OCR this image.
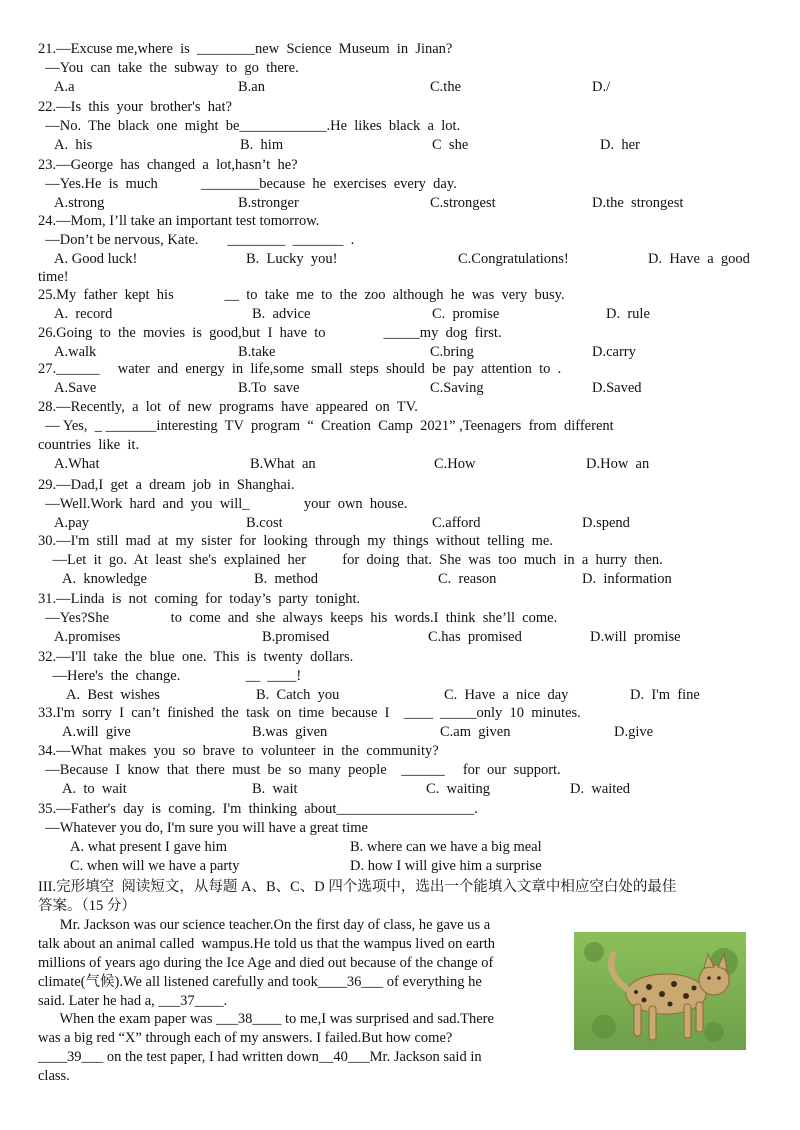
21.—Excuse me,where  is  ________new  Science  Museum  in  Jinan?
—You  can  take  the  subway  to  go  there.
A.a	B.an	C.the	D./
22.—Is  this  your  brother's  hat?
—No.  The  black  one  might  be____________.He  likes  black  a  lot.
A.  his	B.  him	C  she	D.  her
23.—George  has  changed  a  lot,hasn’t  he?
—Yes.He  is  much            ________because  he  exercises  every  day.
A.strong	B.stronger	C.strongest	D.the  strongest
24.—Mom, I’ll take an important test tomorrow.
—Don’t be nervous, Kate.        ________  _______  .
A. Good luck!	B.  Lucky  you!	C.Congratulations!	D.  Have  a  good
time!
25.My  father  kept  his              __  to  take  me  to  the  zoo  although  he  was  very  busy.
A.  record	B.  advice	C.  promise	D.  rule
26.Going  to  the  movies  is  good,but  I  have  to                _____my  dog  first.
A.walk	B.take	C.bring	D.carry
27.______     water  and  energy  in  life,some  small  steps  should  be  pay  attention  to  .
A.Save	B.To  save	C.Saving	D.Saved
28.—Recently,  a  lot  of  new  programs  have  appeared  on  TV.
— Yes,  _ _______interesting  TV  program  “  Creation  Camp  2021” ,Teenagers  from  different
countries  like  it.
A.What	B.What  an	C.How	D.How  an
29.—Dad,I  get  a  dream  job  in  Shanghai.
—Well.Work  hard  and  you  will_               your  own  house.
A.pay	B.cost	C.afford	D.spend
30.—I'm  still  mad  at  my  sister  for  looking  through  my  things  without  telling  me.
—Let  it  go.  At  least  she's  explained  her          for  doing  that.  She  was  too  much  in  a  hurry  then.
A.  knowledge	B.  method	C.  reason	D.  information
31.—Linda  is  not  coming  for  today’s  party  tonight.
—Yes?She                 to  come  and  she  always  keeps  his  words.I  think  she’ll  come.
A.promises	B.promised	C.has  promised	D.will  promise
32.—I'll  take  the  blue  one.  This  is  twenty  dollars.
—Here's  the  change.                  __  ____!
A.  Best  wishes	B.  Catch  you	C.  Have  a  nice  day	D.  I'm  fine
33.I'm  sorry  I  can’t  finished  the  task  on  time  because  I    ____  _____only  10  minutes.
A.will  give	B.was  given	C.am  given	D.give
34.—What  makes  you  so  brave  to  volunteer  in  the  community?
—Because  I  know  that  there  must  be  so  many  people    ______     for  our  support.
A.  to  wait	B.  wait	C.  waiting	D.  waited
35.—Father's  day  is  coming.  I'm  thinking  about___________________.
—Whatever you do, I'm sure you will have a great time
A. what present I gave him	B. where can we have a big meal
C. when will we have a party	D. how I will give him a surprise
III.完形填空  阅读短文，从每题 A、B、C、D 四个选项中，选出一个能填入文章中相应空白处的最佳
答案。（15 分）
Mr. Jackson was our science teacher.On the first day of class, he gave us a
talk about an animal called  wampus.He told us that the wampus lived on earth
millions of years ago during the Ice Age and died out because of the change of
climate(气候).We all listened carefully and took____36___ of everything he
said. Later he had a, ___37____.
When the exam paper was ___38____ to me,I was surprised and sad.There
was a big red “X” through each of my answers. I failed.But how come?
____39___ on the test paper, I had written down__40___Mr. Jackson said in
class.
